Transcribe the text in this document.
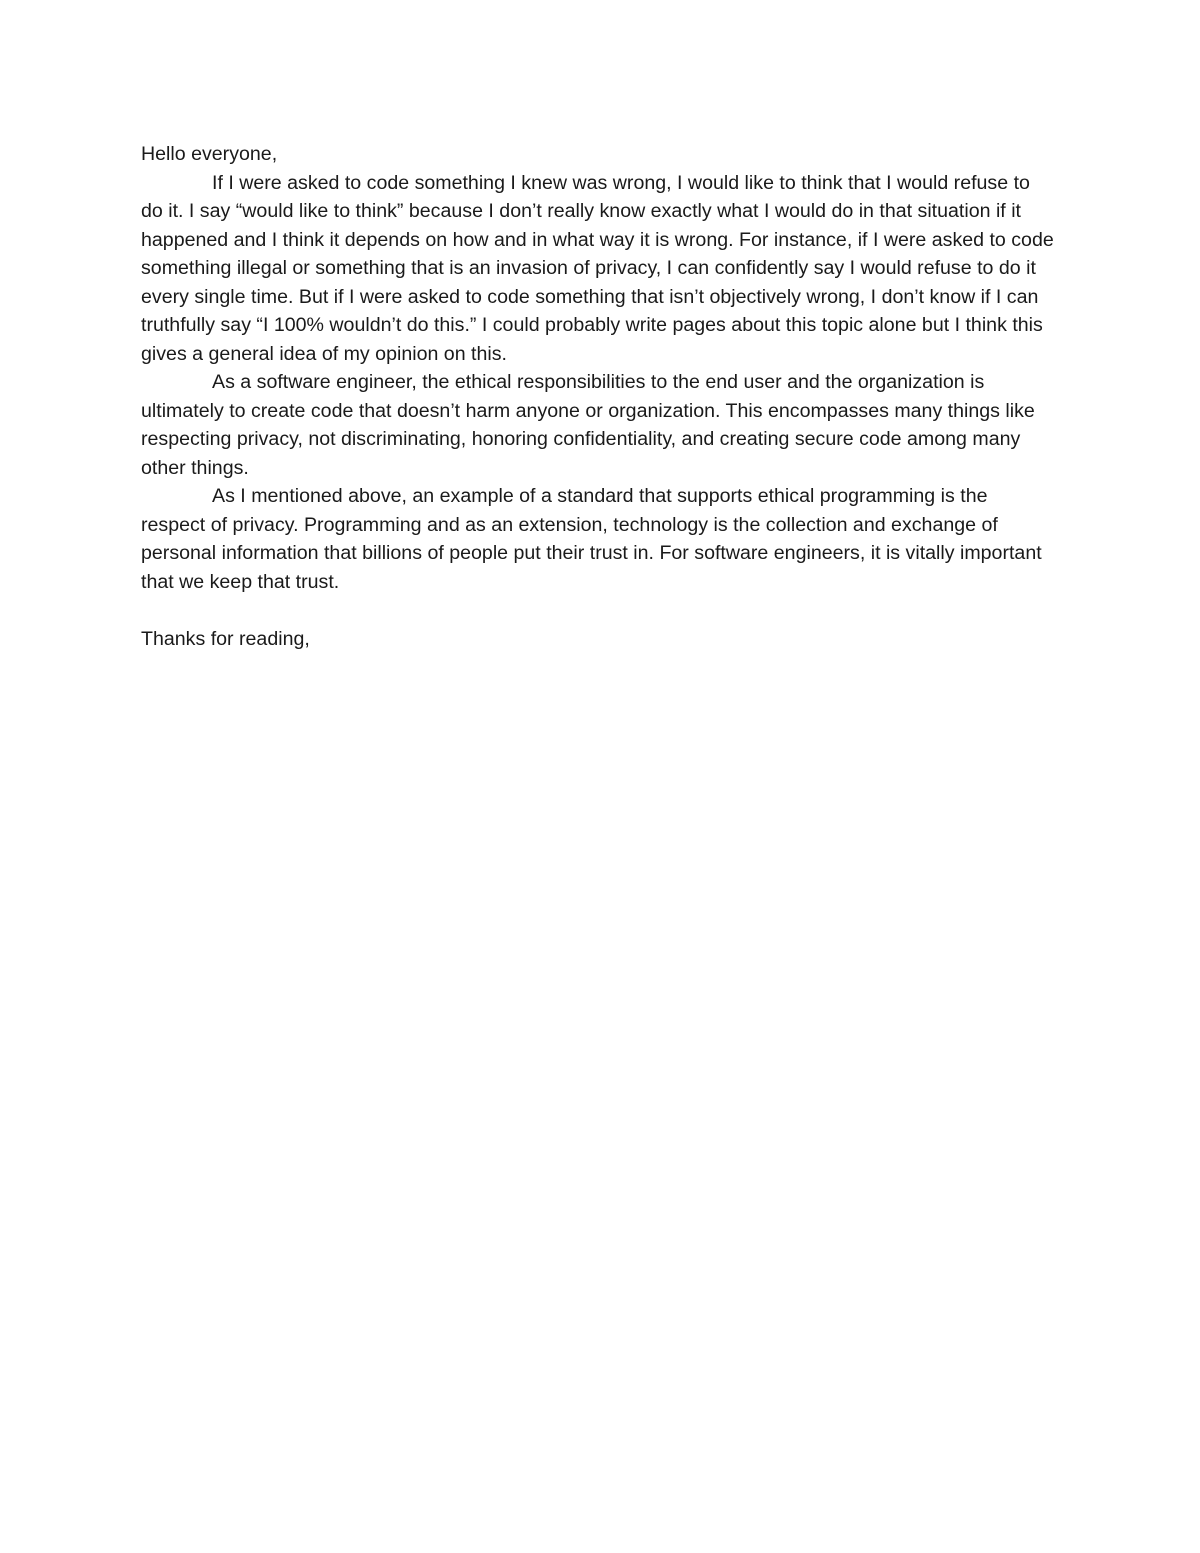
Hello everyone,

If I were asked to code something I knew was wrong, I would like to think that I would refuse to do it. I say “would like to think” because I don’t really know exactly what I would do in that situation if it happened and I think it depends on how and in what way it is wrong. For instance, if I were asked to code something illegal or something that is an invasion of privacy, I can confidently say I would refuse to do it every single time. But if I were asked to code something that isn’t objectively wrong, I don’t know if I can truthfully say “I 100% wouldn’t do this.” I could probably write pages about this topic alone but I think this gives a general idea of my opinion on this.

As a software engineer, the ethical responsibilities to the end user and the organization is ultimately to create code that doesn’t harm anyone or organization. This encompasses many things like respecting privacy, not discriminating, honoring confidentiality, and creating secure code among many other things.

As I mentioned above, an example of a standard that supports ethical programming is the respect of privacy. Programming and as an extension, technology is the collection and exchange of personal information that billions of people put their trust in. For software engineers, it is vitally important that we keep that trust.

Thanks for reading,
